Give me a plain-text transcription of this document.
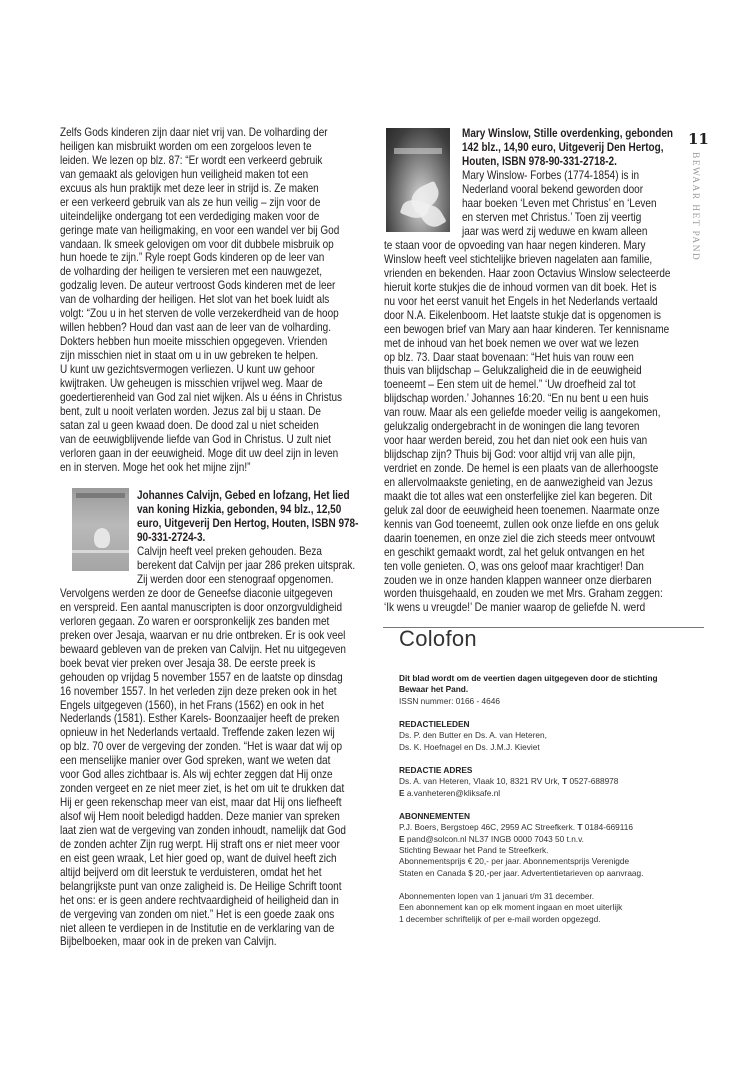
11
BEWAAR HET PAND
Zelfs Gods kinderen zijn daar niet vrij van. De volharding der
heiligen kan misbruikt worden om een zorgeloos leven te
leiden. We lezen op blz. 87: “Er wordt een verkeerd gebruik
van gemaakt als gelovigen hun veiligheid maken tot een
excuus als hun praktijk met deze leer in strijd is. Ze maken
er een verkeerd gebruik van als ze hun veilig – zijn voor de
uiteindelijke ondergang tot een verdediging maken voor de
geringe mate van heiligmaking, en voor een wandel ver bij God
vandaan. Ik smeek gelovigen om voor dit dubbele misbruik op
hun hoede te zijn.” Ryle roept Gods kinderen op de leer van
de volharding der heiligen te versieren met een nauwgezet,
godzalig leven. De auteur vertroost Gods kinderen met de leer
van de volharding der heiligen. Het slot van het boek luidt als
volgt: “Zou u in het sterven de volle verzekerdheid van de hoop
willen hebben? Houd dan vast aan de leer van de volharding.
Dokters hebben hun moeite misschien opgegeven. Vrienden
zijn misschien niet in staat om u in uw gebreken te helpen.
U kunt uw gezichtsvermogen verliezen. U kunt uw gehoor
kwijtraken. Uw geheugen is misschien vrijwel weg. Maar de
goedertierenheid van God zal niet wijken. Als u ééns in Christus
bent, zult u nooit verlaten worden. Jezus zal bij u staan. De
satan zal u geen kwaad doen. De dood zal u niet scheiden
van de eeuwigblijvende liefde van God in Christus. U zult niet
verloren gaan in der eeuwigheid. Moge dit uw deel zijn in leven
en in sterven. Moge het ook het mijne zijn!”
Johannes Calvijn, Gebed en lofzang, Het lied
van koning Hizkia, gebonden, 94 blz., 12,50
euro, Uitgeverij Den Hertog, Houten, ISBN 978-
90-331-2724-3.
Calvijn heeft veel preken gehouden. Beza
berekent dat Calvijn per jaar 286 preken uitsprak.
Zij werden door een stenograaf opgenomen.
Vervolgens werden ze door de Geneefse diaconie uitgegeven
en verspreid. Een aantal manuscripten is door onzorgvuldigheid
verloren gegaan. Zo waren er oorspronkelijk zes banden met
preken over Jesaja, waarvan er nu drie ontbreken. Er is ook veel
bewaard gebleven van de preken van Calvijn. Het nu uitgegeven
boek bevat vier preken over Jesaja 38. De eerste preek is
gehouden op vrijdag 5 november 1557 en de laatste op dinsdag
16 november 1557. In het verleden zijn deze preken ook in het
Engels uitgegeven (1560), in het Frans (1562) en ook in het
Nederlands (1581). Esther Karels- Boonzaaijer heeft de preken
opnieuw in het Nederlands vertaald. Treffende zaken lezen wij
op blz. 70 over de vergeving der zonden. “Het is waar dat wij op
een menselijke manier over God spreken, want we weten dat
voor God alles zichtbaar is. Als wij echter zeggen dat Hij onze
zonden vergeet en ze niet meer ziet, is het om uit te drukken dat
Hij er geen rekenschap meer van eist, maar dat Hij ons liefheeft
alsof wij Hem nooit beledigd hadden. Deze manier van spreken
laat zien wat de vergeving van zonden inhoudt, namelijk dat God
de zonden achter Zijn rug werpt. Hij straft ons er niet meer voor
en eist geen wraak, Let hier goed op, want de duivel heeft zich
altijd beijverd om dit leerstuk te verduisteren, omdat het het
belangrijkste punt van onze zaligheid is. De Heilige Schrift toont
het ons: er is geen andere rechtvaardigheid of heiligheid dan in
de vergeving van zonden om niet.” Het is een goede zaak ons
niet alleen te verdiepen in de Institutie en de verklaring van de
Bijbelboeken, maar ook in de preken van Calvijn.
Mary Winslow, Stille overdenking, gebonden
142 blz., 14,90 euro, Uitgeverij Den Hertog,
Houten, ISBN 978-90-331-2718-2.
Mary Winslow- Forbes (1774-1854) is in
Nederland vooral bekend geworden door
haar boeken ‘Leven met Christus’ en ‘Leven
en sterven met Christus.’ Toen zij veertig
jaar was werd zij weduwe en kwam alleen
te staan voor de opvoeding van haar negen kinderen. Mary
Winslow heeft veel stichtelijke brieven nagelaten aan familie,
vrienden en bekenden. Haar zoon Octavius Winslow selecteerde
hieruit korte stukjes die de inhoud vormen van dit boek. Het is
nu voor het eerst vanuit het Engels in het Nederlands vertaald
door N.A. Eikelenboom. Het laatste stukje dat is opgenomen is
een bewogen brief van Mary aan haar kinderen. Ter kennisname
met de inhoud van het boek nemen we over wat we lezen
op blz. 73. Daar staat bovenaan: “Het huis van rouw een
thuis van blijdschap – Gelukzaligheid die in de eeuwigheid
toeneemt – Een stem uit de hemel.” ‘Uw droefheid zal tot
blijdschap worden.’ Johannes 16:20. “En nu bent u een huis
van rouw. Maar als een geliefde moeder veilig is aangekomen,
gelukzalig ondergebracht in de woningen die lang tevoren
voor haar werden bereid, zou het dan niet ook een huis van
blijdschap zijn? Thuis bij God: voor altijd vrij van alle pijn,
verdriet en zonde. De hemel is een plaats van de allerhoogste
en allervolmaakste genieting, en de aanwezigheid van Jezus
maakt die tot alles wat een onsterfelijke ziel kan begeren. Dit
geluk zal door de eeuwigheid heen toenemen. Naarmate onze
kennis van God toeneemt, zullen ook onze liefde en ons geluk
daarin toenemen, en onze ziel die zich steeds meer ontvouwt
en geschikt gemaakt wordt, zal het geluk ontvangen en het
ten volle genieten. O, was ons geloof maar krachtiger! Dan
zouden we in onze handen klappen wanneer onze dierbaren
worden thuisgehaald, en zouden we met Mrs. Graham zeggen:
‘Ik wens u vreugde!’ De manier waarop de geliefde N. werd
Colofon
Dit blad wordt om de veertien dagen uitgegeven door de stichting
Bewaar het Pand.
ISSN nummer: 0166 - 4646
REDACTIELEDEN
Ds. P. den Butter en Ds. A. van Heteren,
Ds. K. Hoefnagel en Ds. J.M.J. Kieviet
REDACTIE ADRES
Ds. A. van Heteren, Vlaak 10, 8321 RV Urk, T 0527-688978
E a.vanheteren@kliksafe.nl
ABONNEMENTEN
P.J. Boers, Bergstoep 46C, 2959 AC Streefkerk. T 0184-669116
E pand@solcon.nl NL37 INGB 0000 7043 50 t.n.v.
Stichting Bewaar het Pand te Streefkerk.
Abonnementsprijs € 20,- per jaar. Abonnementsprijs Verenigde
Staten en Canada $ 20,-per jaar. Advertentietarieven op aanvraag.
Abonnementen lopen van 1 januari t/m 31 december.
Een abonnement kan op elk moment ingaan en moet uiterlijk
1 december schriftelijk of per e-mail worden opgezegd.
